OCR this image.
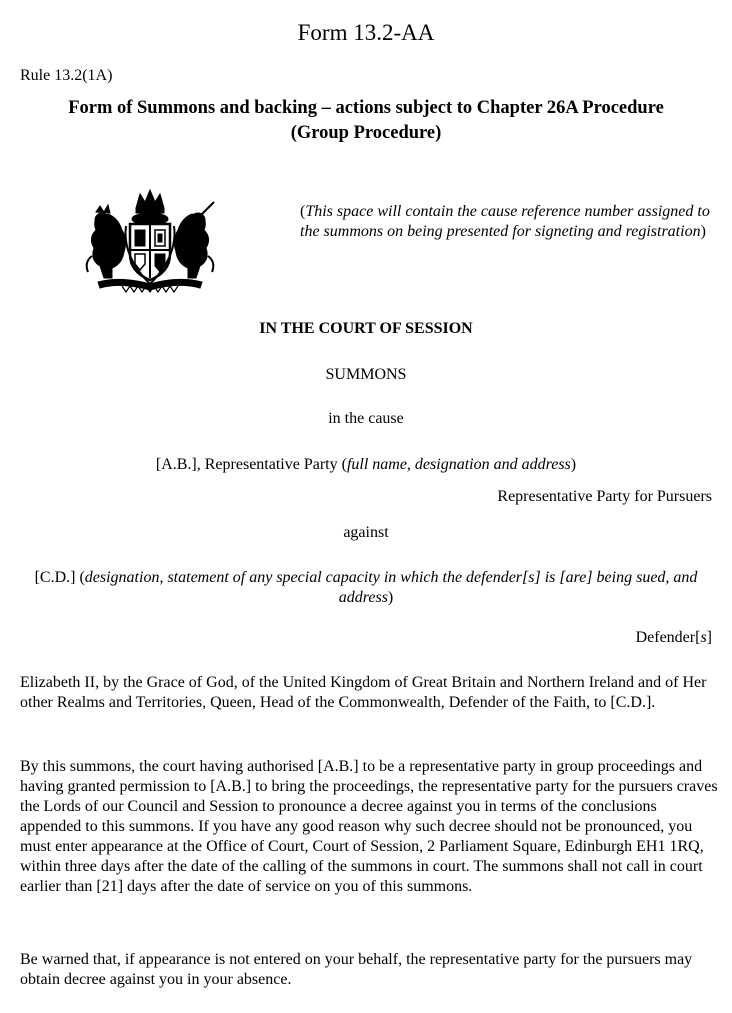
Form 13.2-AA
Rule 13.2(1A)
Form of Summons and backing – actions subject to Chapter 26A Procedure
(Group Procedure)
(This space will contain the cause reference number assigned to the summons on being presented for signeting and registration)
IN THE COURT OF SESSION
SUMMONS
in the cause
[A.B.], Representative Party (full name, designation and address)
Representative Party for Pursuers
against
[C.D.] (designation, statement of any special capacity in which the defender[s] is [are] being sued, and address)
Defender[s]
Elizabeth II, by the Grace of God, of the United Kingdom of Great Britain and Northern Ireland and of Her other Realms and Territories, Queen, Head of the Commonwealth, Defender of the Faith, to [C.D.].
By this summons, the court having authorised [A.B.] to be a representative party in group proceedings and having granted permission to [A.B.] to bring the proceedings, the representative party for the pursuers craves the Lords of our Council and Session to pronounce a decree against you in terms of the conclusions appended to this summons. If you have any good reason why such decree should not be pronounced, you must enter appearance at the Office of Court, Court of Session, 2 Parliament Square, Edinburgh EH1 1RQ, within three days after the date of the calling of the summons in court. The summons shall not call in court earlier than [21] days after the date of service on you of this summons.
Be warned that, if appearance is not entered on your behalf, the representative party for the pursuers may obtain decree against you in your absence.
